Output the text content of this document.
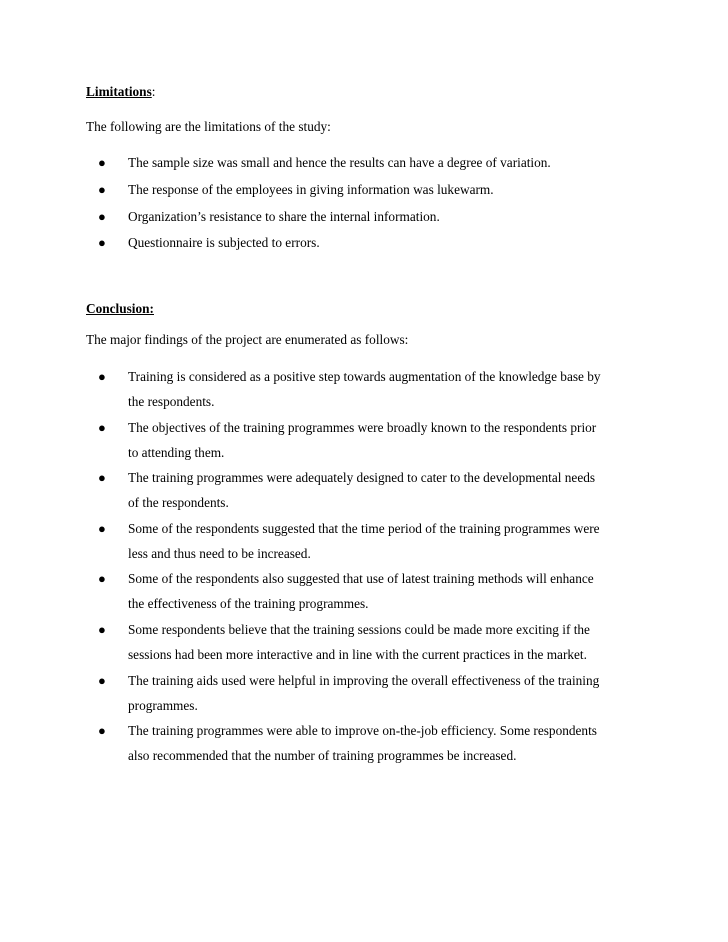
Limitations:
The following are the limitations of the study:
● The sample size was small and hence the results can have a degree of variation.
● The response of the employees in giving information was lukewarm.
● Organization’s resistance to share the internal information.
● Questionnaire is subjected to errors.
Conclusion:
The major findings of the project are enumerated as follows:
● Training is considered as a positive step towards augmentation of the knowledge base by
the respondents.
● The objectives of the training programmes were broadly known to the respondents prior
to attending them.
● The training programmes were adequately designed to cater to the developmental needs
of the respondents.
● Some of the respondents suggested that the time period of the training programmes were
less and thus need to be increased.
● Some of the respondents also suggested that use of latest training methods will enhance
the effectiveness of the training programmes.
● Some respondents believe that the training sessions could be made more exciting if the
sessions had been more interactive and in line with the current practices in the market.
● The training aids used were helpful in improving the overall effectiveness of the training
programmes.
● The training programmes were able to improve on-the-job efficiency. Some respondents
also recommended that the number of training programmes be increased.
